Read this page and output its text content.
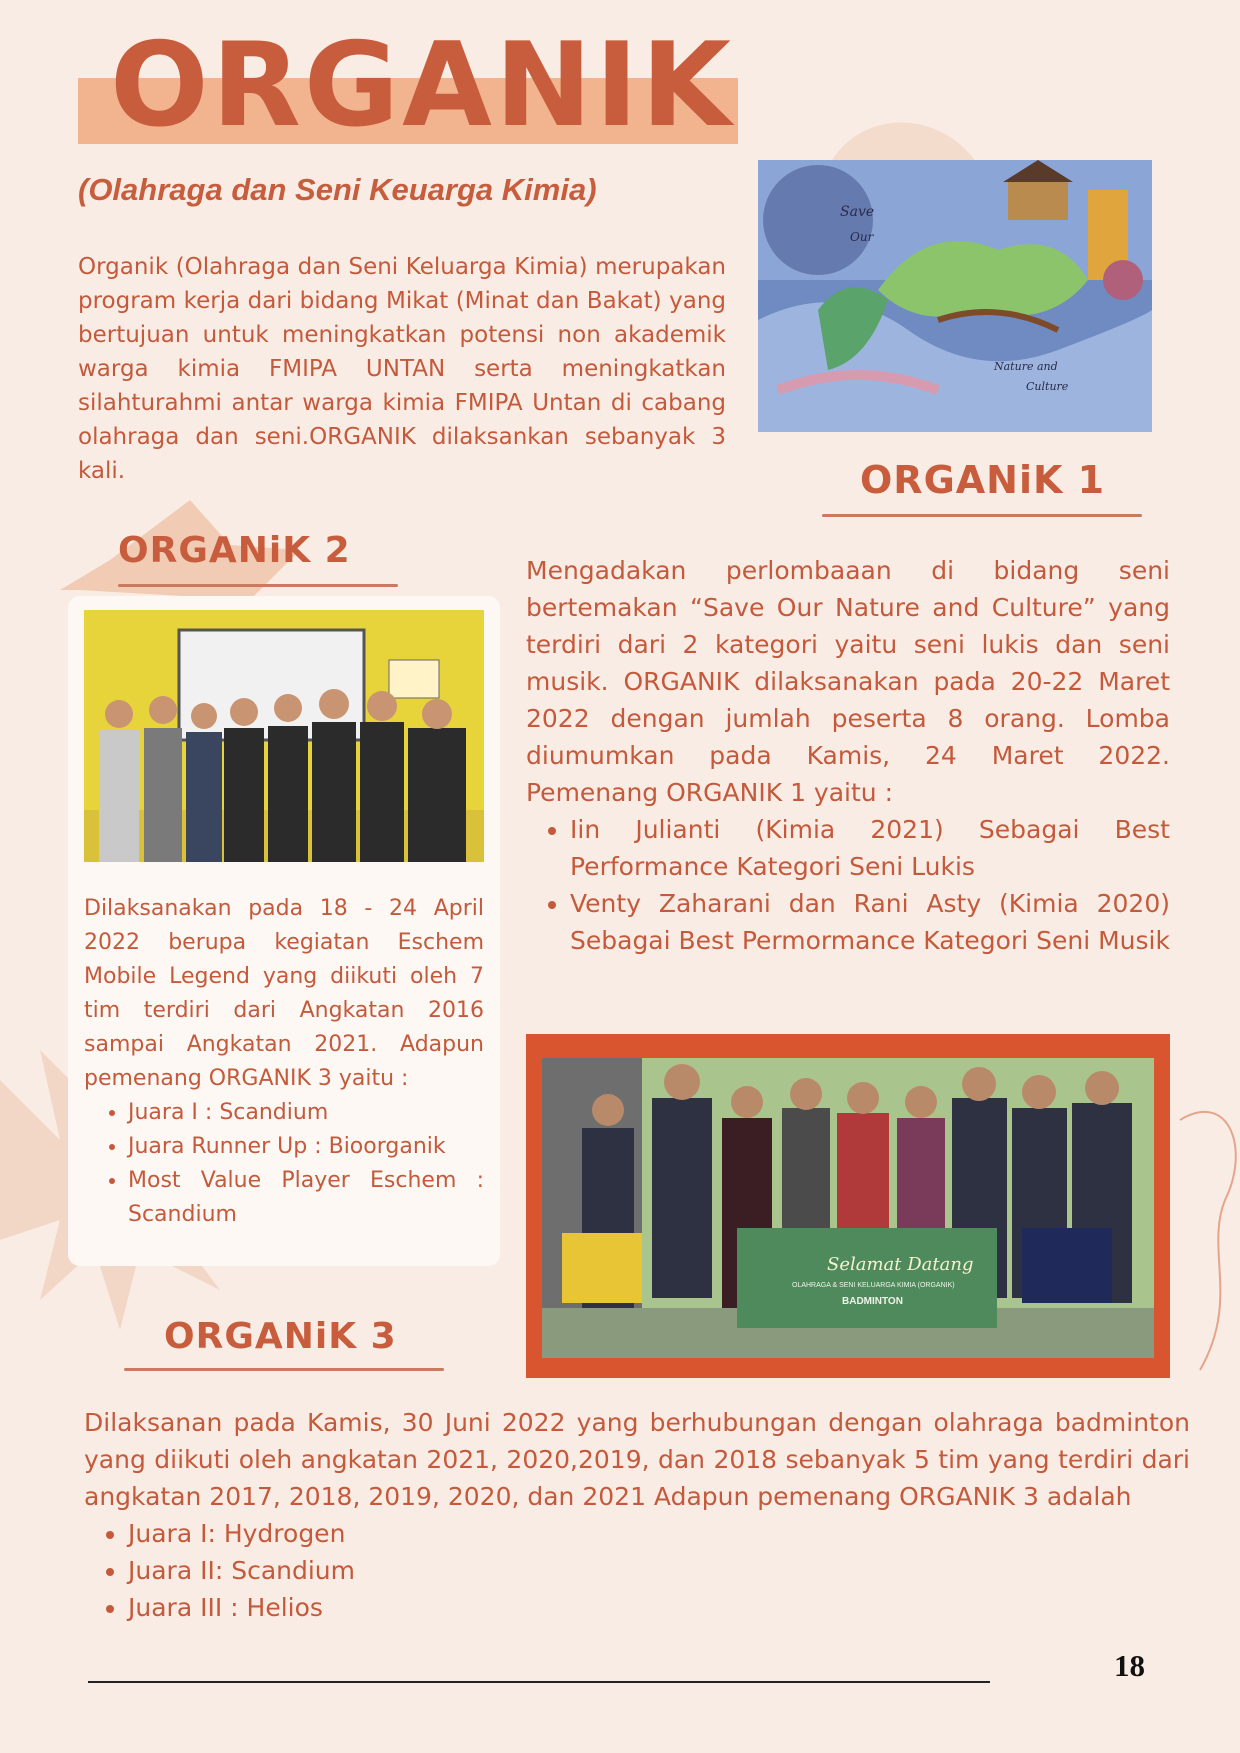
ORGANIK
(Olahraga dan Seni Keuarga Kimia)

Organik (Olahraga dan Seni Keluarga Kimia) merupakan program kerja dari bidang Mikat (Minat dan Bakat) yang bertujuan untuk meningkatkan potensi non akademik warga kimia FMIPA UNTAN serta meningkatkan silahturahmi antar warga kimia FMIPA Untan di cabang olahraga dan seni.ORGANIK dilaksankan sebanyak 3 kali.

Save
Our
Nature and
Culture
ORGANiK 1

Mengadakan perlombaaan di bidang seni bertemakan “Save Our Nature and Culture” yang terdiri dari 2 kategori yaitu seni lukis dan seni musik. ORGANIK dilaksanakan pada 20-22 Maret 2022 dengan jumlah peserta 8 orang. Lomba diumumkan pada Kamis, 24 Maret 2022. Pemenang ORGANIK 1 yaitu :

• Iin Julianti (Kimia 2021) Sebagai Best Performance Kategori Seni Lukis
• Venty Zaharani dan Rani Asty (Kimia 2020) Sebagai Best Permormance Kategori Seni Musik
ORGANiK 2

Dilaksanakan pada 18 - 24 April 2022 berupa kegiatan Eschem Mobile Legend yang diikuti oleh 7 tim terdiri dari Angkatan 2016 sampai Angkatan 2021. Adapun pemenang ORGANIK 3 yaitu :

• Juara I : Scandium
• Juara Runner Up : Bioorganik
• Most Value Player Eschem : Scandium
Selamat Datang
OLAHRAGA & SENI KELUARGA KIMIA (ORGANIK)
BADMINTON
ORGANiK 3

Dilaksanan pada Kamis, 30 Juni 2022 yang berhubungan dengan olahraga badminton yang diikuti oleh angkatan 2021, 2020,2019, dan 2018 sebanyak 5 tim yang terdiri dari angkatan 2017, 2018, 2019, 2020, dan 2021 Adapun pemenang ORGANIK 3 adalah

• Juara I: Hydrogen
• Juara II: Scandium
• Juara III : Helios
18
